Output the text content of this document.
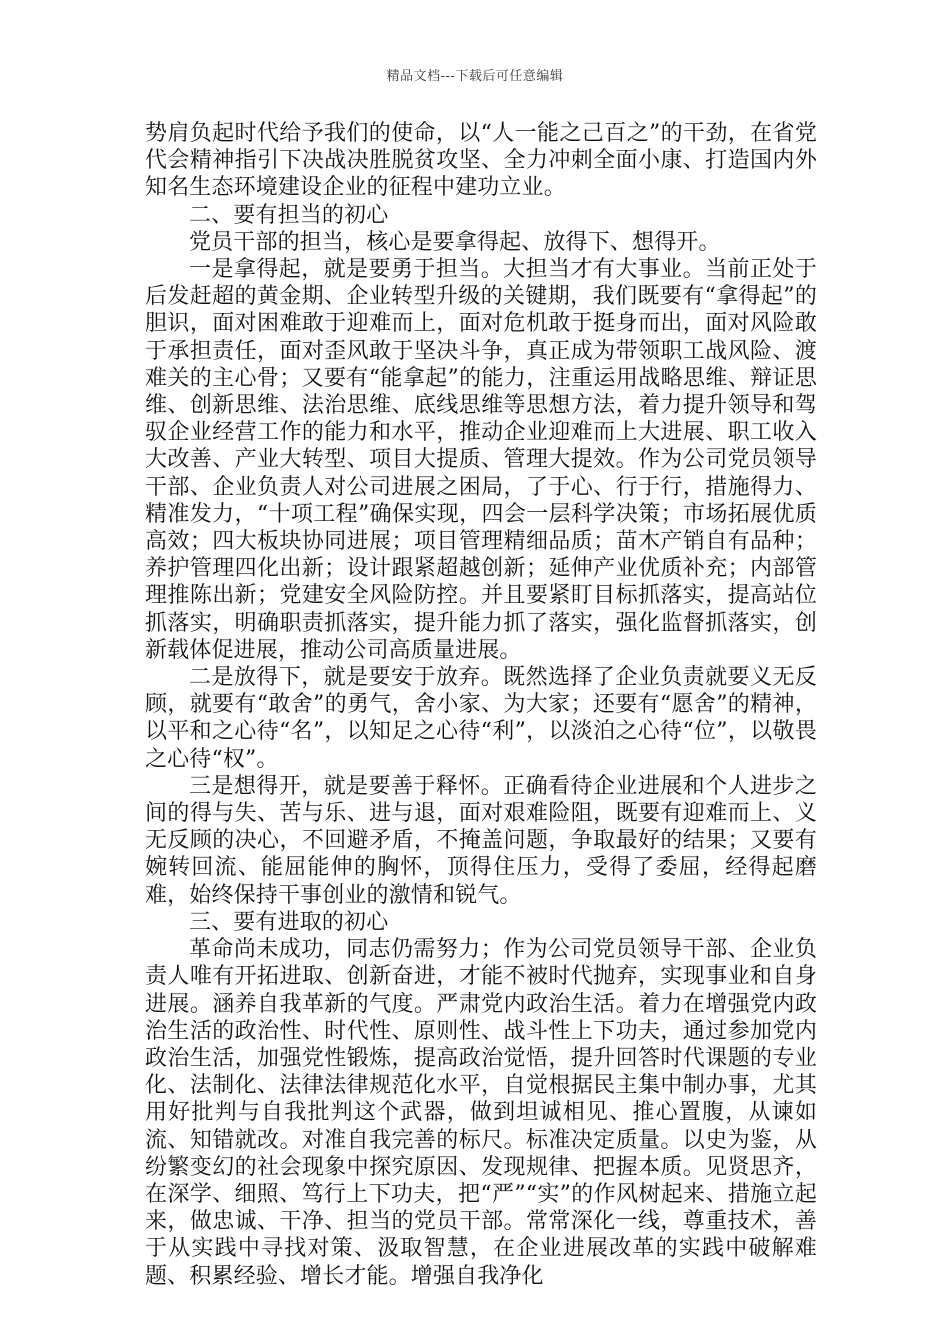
精品文档---下载后可任意编辑

势肩负起时代给予我们的使命，以“人一能之己百之”的干劲，在省党代会精神指引下决战决胜脱贫攻坚、全力冲刺全面小康、打造国内外知名生态环境建设企业的征程中建功立业。

二、要有担当的初心

党员干部的担当，核心是要拿得起、放得下、想得开。

一是拿得起，就是要勇于担当。大担当才有大事业。当前正处于后发赶超的黄金期、企业转型升级的关键期，我们既要有“拿得起”的胆识，面对困难敢于迎难而上，面对危机敢于挺身而出，面对风险敢于承担责任，面对歪风敢于坚决斗争，真正成为带领职工战风险、渡难关的主心骨；又要有“能拿起”的能力，注重运用战略思维、辩证思维、创新思维、法治思维、底线思维等思想方法，着力提升领导和驾驭企业经营工作的能力和水平，推动企业迎难而上大进展、职工收入大改善、产业大转型、项目大提质、管理大提效。作为公司党员领导干部、企业负责人对公司进展之困局，了于心、行于行，措施得力、精准发力，“十项工程”确保实现，四会一层科学决策；市场拓展优质高效；四大板块协同进展；项目管理精细品质；苗木产销自有品种；养护管理四化出新；设计跟紧超越创新；延伸产业优质补充；内部管理推陈出新；党建安全风险防控。并且要紧盯目标抓落实，提高站位抓落实，明确职责抓落实，提升能力抓了落实，强化监督抓落实，创新载体促进展，推动公司高质量进展。

二是放得下，就是要安于放弃。既然选择了企业负责就要义无反顾，就要有“敢舍”的勇气，舍小家、为大家；还要有“愿舍”的精神，以平和之心待“名”，以知足之心待“利”，以淡泊之心待“位”，以敬畏之心待“权”。

三是想得开，就是要善于释怀。正确看待企业进展和个人进步之间的得与失、苦与乐、进与退，面对艰难险阻，既要有迎难而上、义无反顾的决心，不回避矛盾，不掩盖问题，争取最好的结果；又要有婉转回流、能屈能伸的胸怀，顶得住压力，受得了委屈，经得起磨难，始终保持干事创业的激情和锐气。

三、要有进取的初心

革命尚未成功，同志仍需努力；作为公司党员领导干部、企业负责人唯有开拓进取、创新奋进，才能不被时代抛弃，实现事业和自身进展。涵养自我革新的气度。严肃党内政治生活。着力在增强党内政治生活的政治性、时代性、原则性、战斗性上下功夫，通过参加党内政治生活，加强党性锻炼，提高政治觉悟，提升回答时代课题的专业化、法制化、法律法律规范化水平，自觉根据民主集中制办事，尤其用好批判与自我批判这个武器，做到坦诚相见、推心置腹，从谏如流、知错就改。对准自我完善的标尺。标准决定质量。以史为鉴，从纷繁变幻的社会现象中探究原因、发现规律、把握本质。见贤思齐，在深学、细照、笃行上下功夫，把“严”“实”的作风树起来、措施立起来，做忠诚、干净、担当的党员干部。常常深化一线，尊重技术，善于从实践中寻找对策、汲取智慧，在企业进展改革的实践中破解难题、积累经验、增长才能。增强自我净化
